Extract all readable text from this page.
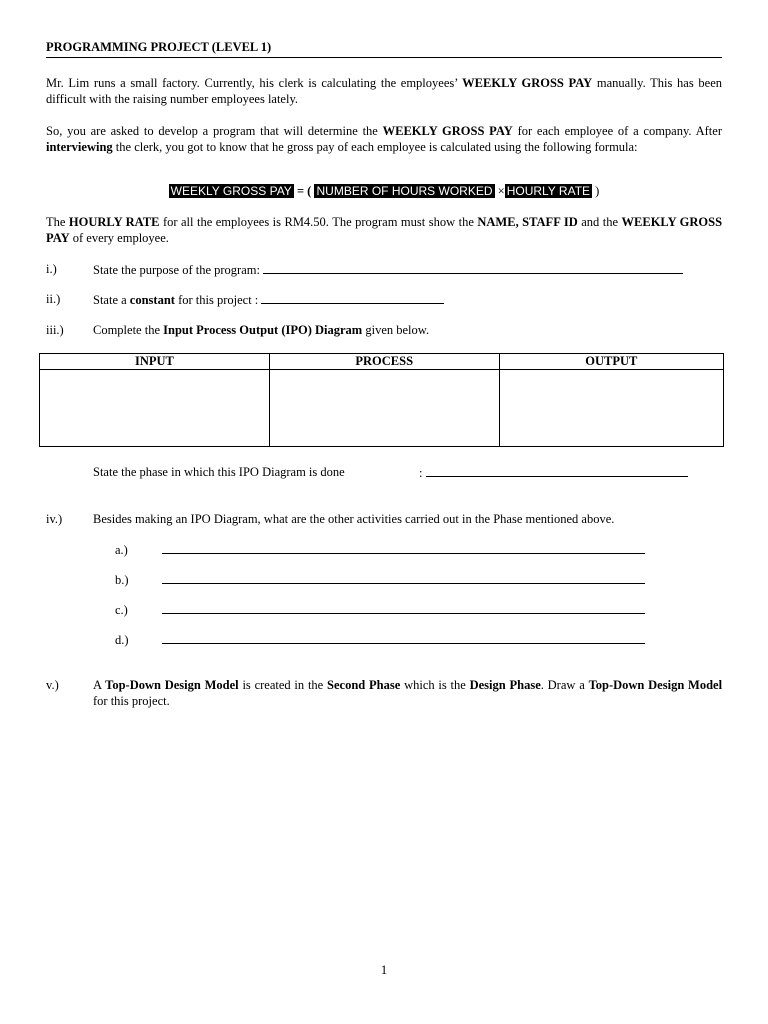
PROGRAMMING PROJECT (LEVEL 1)
Mr. Lim runs a small factory. Currently, his clerk is calculating the employees’ WEEKLY GROSS PAY manually. This has been difficult with the raising number employees lately.
So, you are asked to develop a program that will determine the WEEKLY GROSS PAY for each employee of a company. After interviewing the clerk, you got to know that he gross pay of each employee is calculated using the following formula:
WEEKLY GROSS PAY = ( NUMBER OF HOURS WORKED × HOURLY RATE )
The HOURLY RATE for all the employees is RM4.50. The program must show the NAME, STAFF ID and the WEEKLY GROSS PAY of every employee.
i.)	State the purpose of the program:
ii.)	State a constant for this project :
iii.) Complete the Input Process Output (IPO) Diagram given below.
INPUT	PROCESS	OUTPUT

State the phase in which this IPO Diagram is done	:
iv.) Besides making an IPO Diagram, what are the other activities carried out in the Phase mentioned above.
a.)
b.)
c.)
d.)
v.)	A Top-Down Design Model is created in the Second Phase which is the Design Phase. Draw a Top-Down Design Model for this project.
1
